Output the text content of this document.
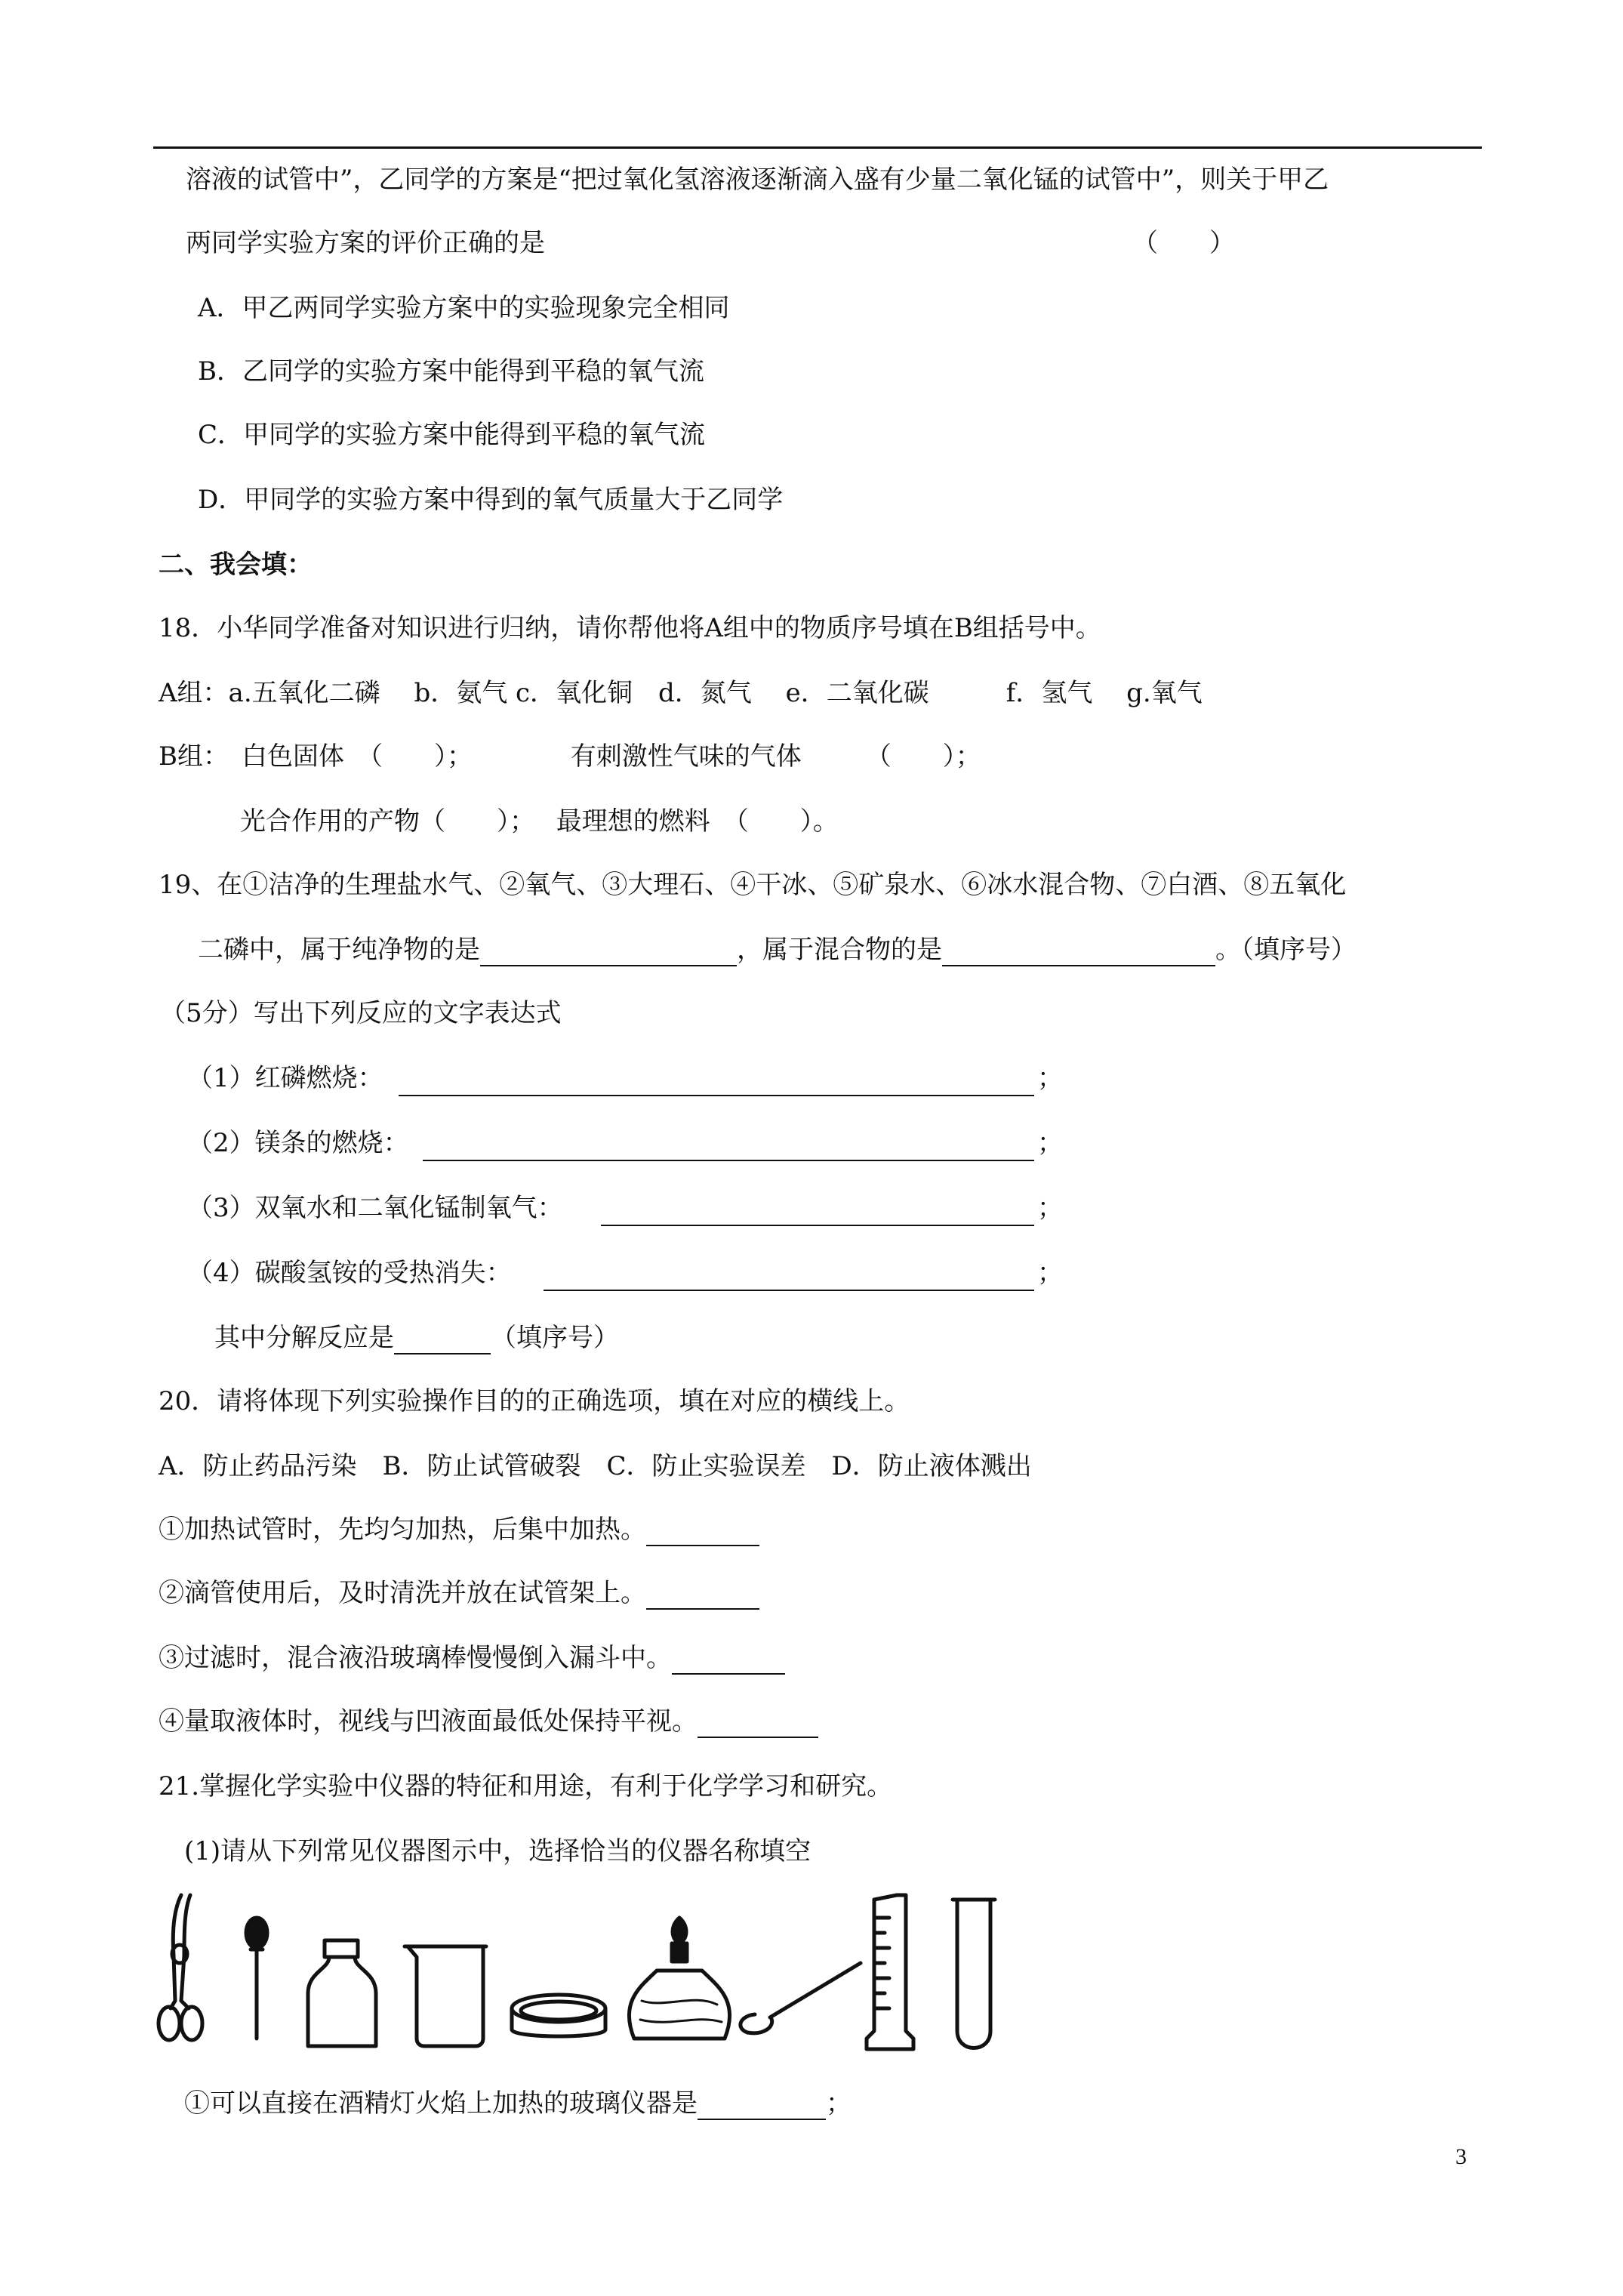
溶液的试管中”，乙同学的方案是“把过氧化氢溶液逐渐滴入盛有少量二氧化锰的试管中”，则关于甲乙
两同学实验方案的评价正确的是	（　　）
A．甲乙两同学实验方案中的实验现象完全相同
B．乙同学的实验方案中能得到平稳的氧气流
C．甲同学的实验方案中能得到平稳的氧气流
D．甲同学的实验方案中得到的氧气质量大于乙同学
二、我会填：
18．小华同学准备对知识进行归纳，请你帮他将A组中的物质序号填在B组括号中。
A组：a.五氧化二磷　 b．氨气 c．氧化铜　d．氮气　 e．二氧化碳　　　f．氢气　 g.氧气
B组：　白色固体　（　　）；　　　　 有刺激性气味的气体　　　（　　）；
光合作用的产物（　　）；　 最理想的燃料　（　　）。
19、在①洁净的生理盐水气、②氧气、③大理石、④干冰、⑤矿泉水、⑥冰水混合物、⑦白酒、⑧五氧化
二磷中，属于纯净物的是	，属于混合物的是	。（填序号）
（5分）写出下列反应的文字表达式
（1）红磷燃烧：	；
（2）镁条的燃烧：	；
（3）双氧水和二氧化锰制氧气：	；
（4）碳酸氢铵的受热消失：	；
其中分解反应是	（填序号）
20．请将体现下列实验操作目的的正确选项，填在对应的横线上。
A．防止药品污染　B．防止试管破裂　C．防止实验误差　D．防止液体溅出
①加热试管时，先均匀加热，后集中加热。
②滴管使用后，及时清洗并放在试管架上。
③过滤时，混合液沿玻璃棒慢慢倒入漏斗中。
④量取液体时，视线与凹液面最低处保持平视。
21.掌握化学实验中仪器的特征和用途，有利于化学学习和研究。
(1)请从下列常见仪器图示中，选择恰当的仪器名称填空
①可以直接在酒精灯火焰上加热的玻璃仪器是	；
3
